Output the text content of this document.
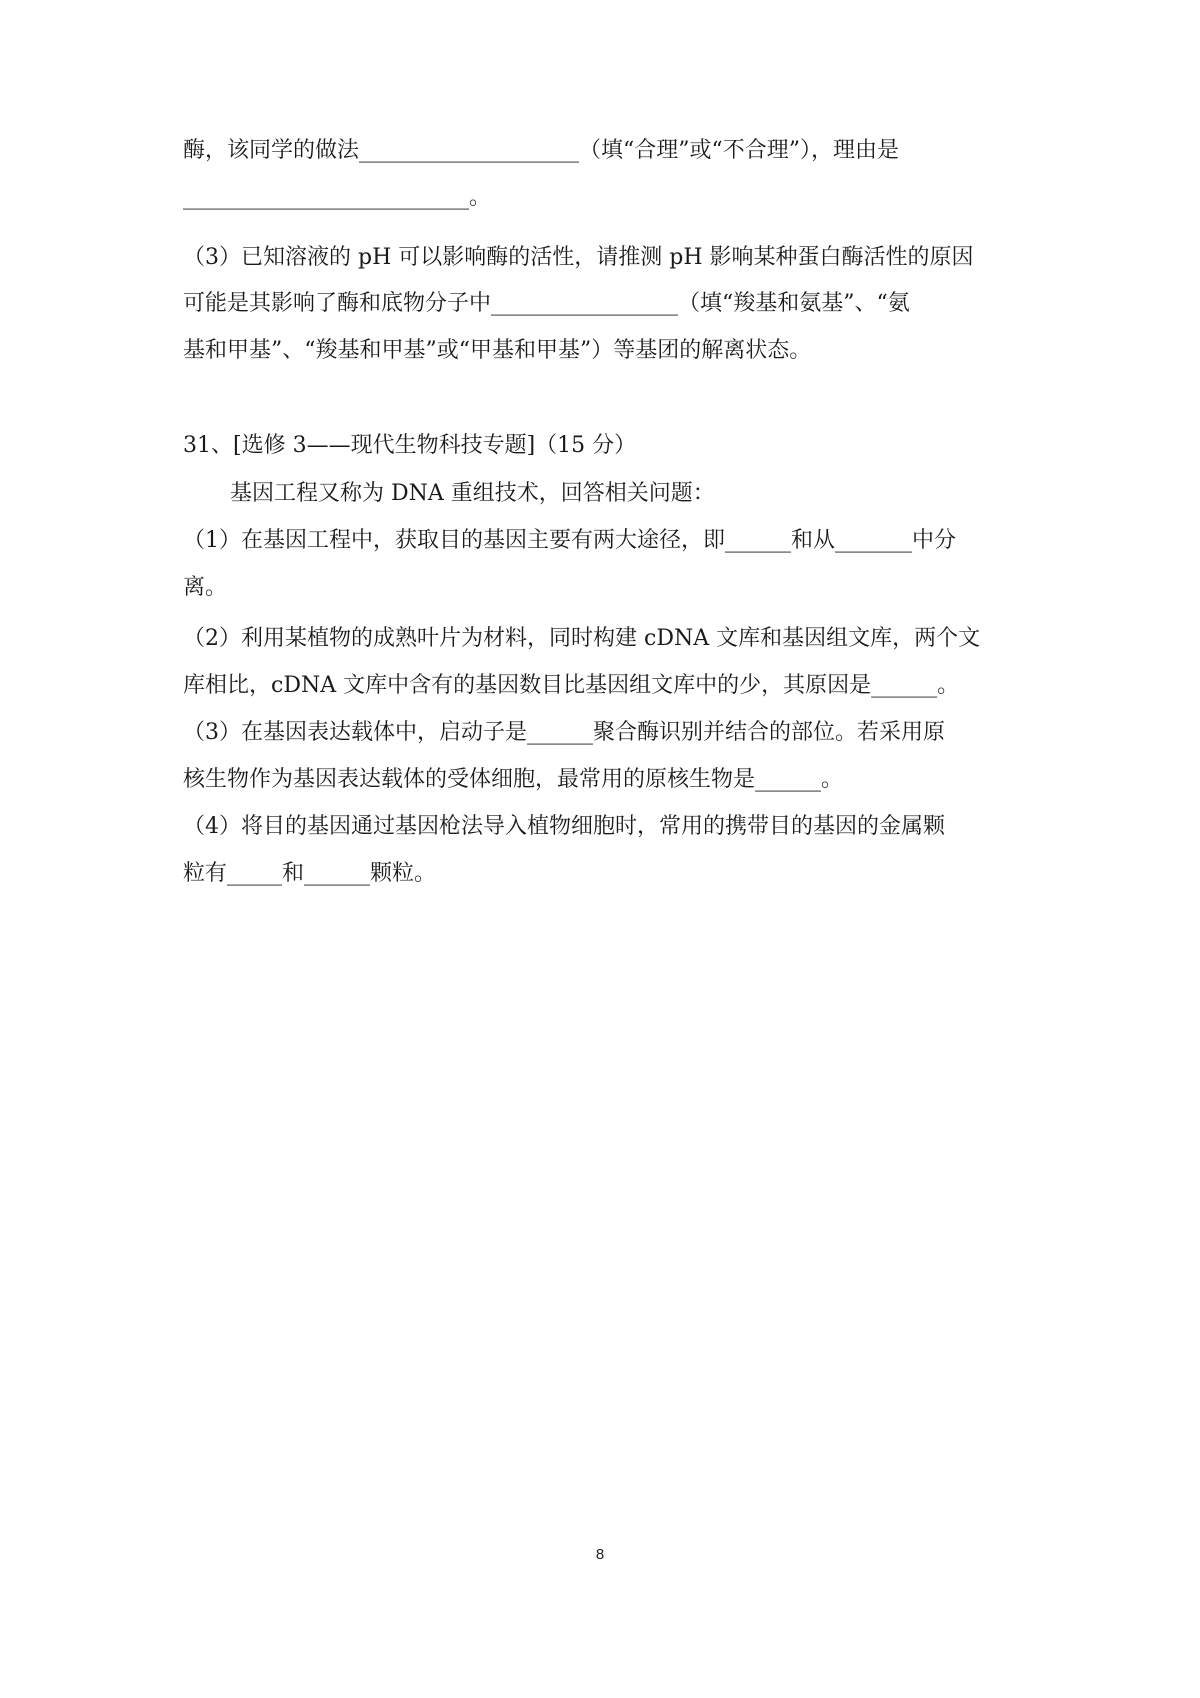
酶，该同学的做法____________________（填“合理”或“不合理”），理由是
__________________________。
（3）已知溶液的 pH 可以影响酶的活性，请推测 pH 影响某种蛋白酶活性的原因
可能是其影响了酶和底物分子中_________________（填“羧基和氨基”、“氨
基和甲基”、“羧基和甲基”或“甲基和甲基”）等基团的解离状态。
31、[选修 3——现代生物科技专题]（15 分）
基因工程又称为 DNA 重组技术，回答相关问题：
（1）在基因工程中，获取目的基因主要有两大途径，即______和从_______中分
离。
（2）利用某植物的成熟叶片为材料，同时构建 cDNA 文库和基因组文库，两个文
库相比，cDNA 文库中含有的基因数目比基因组文库中的少，其原因是______。
（3）在基因表达载体中，启动子是______聚合酶识别并结合的部位。若采用原
核生物作为基因表达载体的受体细胞，最常用的原核生物是______。
（4）将目的基因通过基因枪法导入植物细胞时，常用的携带目的基因的金属颗
粒有_____和______颗粒。
8
